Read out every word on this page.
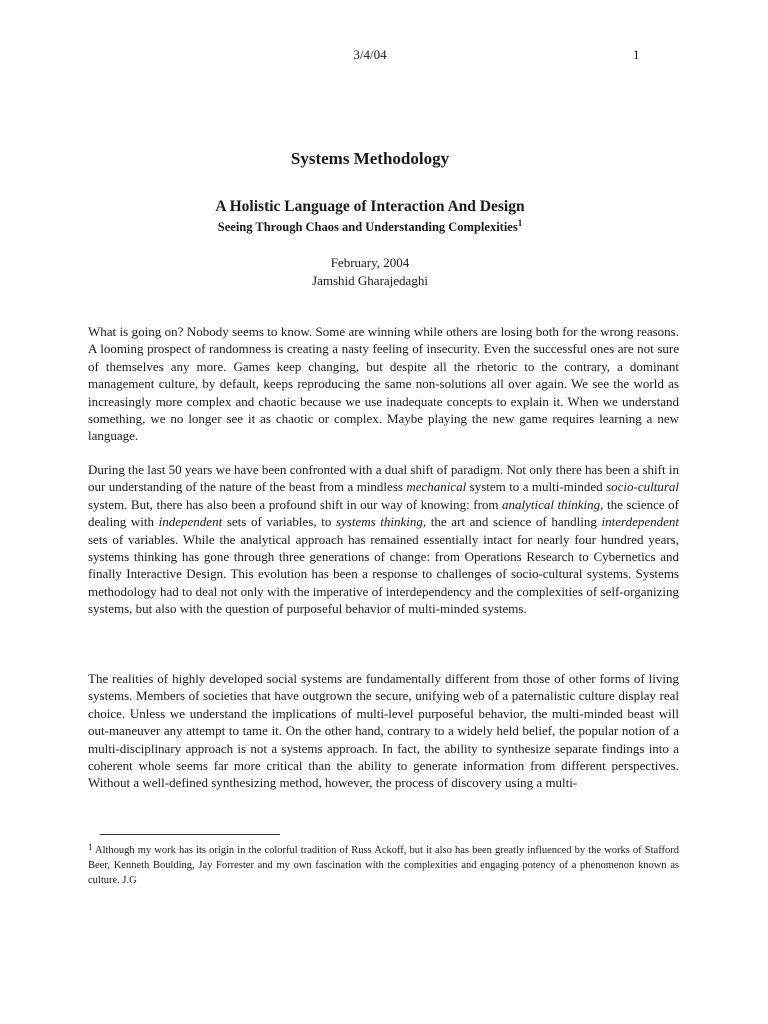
3/4/04	1
Systems Methodology
A Holistic Language of Interaction And Design
Seeing Through Chaos and Understanding Complexities$^1$
February, 2004
Jamshid Gharajedaghi
What is going on? Nobody seems to know. Some are winning while others are losing both for the wrong reasons. A looming prospect of randomness is creating a nasty feeling of insecurity. Even the successful ones are not sure of themselves any more. Games keep changing, but despite all the rhetoric to the contrary, a dominant management culture, by default, keeps reproducing the same non-solutions all over again. We see the world as increasingly more complex and chaotic because we use inadequate concepts to explain it. When we understand something, we no longer see it as chaotic or complex. Maybe playing the new game requires learning a new language.
During the last 50 years we have been confronted with a dual shift of paradigm. Not only there has been a shift in our understanding of the nature of the beast from a mindless mechanical system to a multi-minded socio-cultural system. But, there has also been a profound shift in our way of knowing: from analytical thinking, the science of dealing with independent sets of variables, to systems thinking, the art and science of handling interdependent sets of variables. While the analytical approach has remained essentially intact for nearly four hundred years, systems thinking has gone through three generations of change: from Operations Research to Cybernetics and finally Interactive Design. This evolution has been a response to challenges of socio-cultural systems. Systems methodology had to deal not only with the imperative of interdependency and the complexities of self-organizing systems, but also with the question of purposeful behavior of multi-minded systems.
The realities of highly developed social systems are fundamentally different from those of other forms of living systems. Members of societies that have outgrown the secure, unifying web of a paternalistic culture display real choice. Unless we understand the implications of multi-level purposeful behavior, the multi-minded beast will out-maneuver any attempt to tame it. On the other hand, contrary to a widely held belief, the popular notion of a multi-disciplinary approach is not a systems approach. In fact, the ability to synthesize separate findings into a coherent whole seems far more critical than the ability to generate information from different perspectives. Without a well-defined synthesizing method, however, the process of discovery using a multi-
$^1$ Although my work has its origin in the colorful tradition of Russ Ackoff, but it also has been greatly influenced by the works of Stafford Beer, Kenneth Boulding, Jay Forrester and my own fascination with the complexities and engaging potency of a phenomenon known as culture. J.G
